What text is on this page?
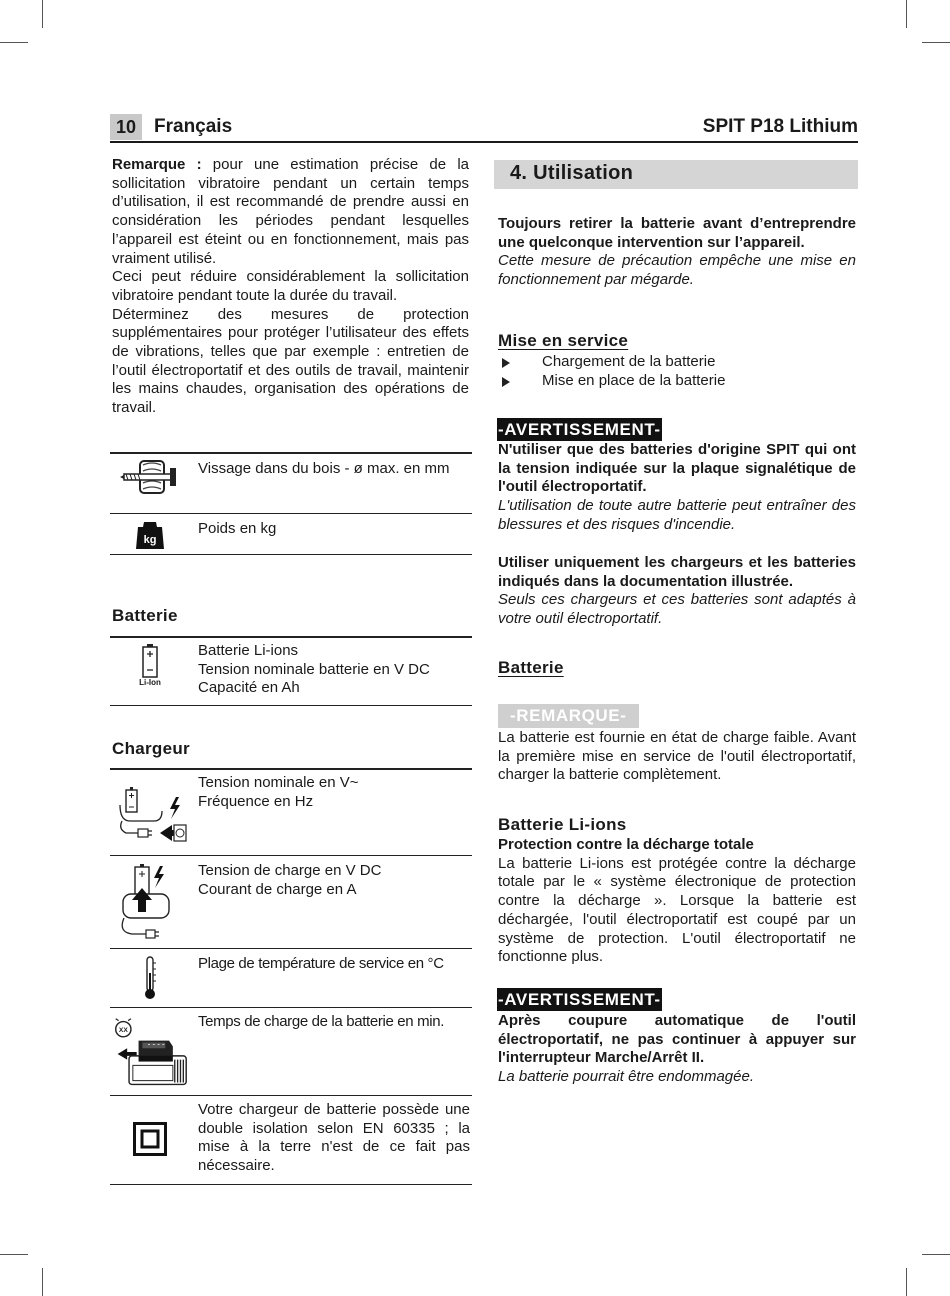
10 Français	SPIT P18 Lithium

Remarque : pour une estimation précise de la sollicitation vibratoire pendant un certain temps d’utilisation, il est recommandé de prendre aussi en considération les périodes pendant lesquelles l’appareil est éteint ou en fonctionnement, mais pas vraiment utilisé.

Ceci peut réduire considérablement la sollicitation vibratoire pendant toute la durée du travail.

Déterminez des mesures de protection supplémentaires pour protéger l’utilisateur des effets de vibrations, telles que par exemple : entretien de l’outil électroportatif et des outils de travail, maintenir les mains chaudes, organisation des opérations de travail.

Vissage dans du bois - ø max. en mm
kg
Poids en kg
Batterie
Li-Ion
Batterie Li-ions
Tension nominale batterie en V DC
Capacité en Ah
Chargeur
Tension nominale en V~
Fréquence en Hz
Tension de charge en V DC
Courant de charge en A
Plage de température de service en °C
XX
Temps de charge de la batterie en min.
Votre chargeur de batterie possède une double isolation selon EN 60335 ; la mise à la terre n'est de ce fait pas nécessaire.
4. Utilisation

Toujours retirer la batterie avant d’entreprendre une quelconque intervention sur l’appareil.

Cette mesure de précaution empêche une mise en fonctionnement par mégarde.

Mise en service
Chargement de la batterie
Mise en place de la batterie
-AVERTISSEMENT-

N'utiliser que des batteries d'origine SPIT qui ont la tension indiquée sur la plaque signalétique de l'outil électroportatif.

L'utilisation de toute autre batterie peut entraîner des blessures et des risques d'incendie.

Utiliser uniquement les chargeurs et les batteries indiqués dans la documentation illustrée.

Seuls ces chargeurs et ces batteries sont adaptés à votre outil électroportatif.

Batterie
-REMARQUE-
La batterie est fournie en état de charge faible. Avant la première mise en service de l'outil électroportatif, charger la batterie complètement.
Batterie Li-ions

Protection contre la décharge totale

La batterie Li-ions est protégée contre la décharge totale par le « système électronique de protection contre la décharge ». Lorsque la batterie est déchargée, l'outil électroportatif est coupé par un système de protection. L'outil électroportatif ne fonctionne plus.

-AVERTISSEMENT-

Après coupure automatique de l'outil électroportatif, ne pas continuer à appuyer sur l'interrupteur Marche/Arrêt II.

La batterie pourrait être endommagée.
